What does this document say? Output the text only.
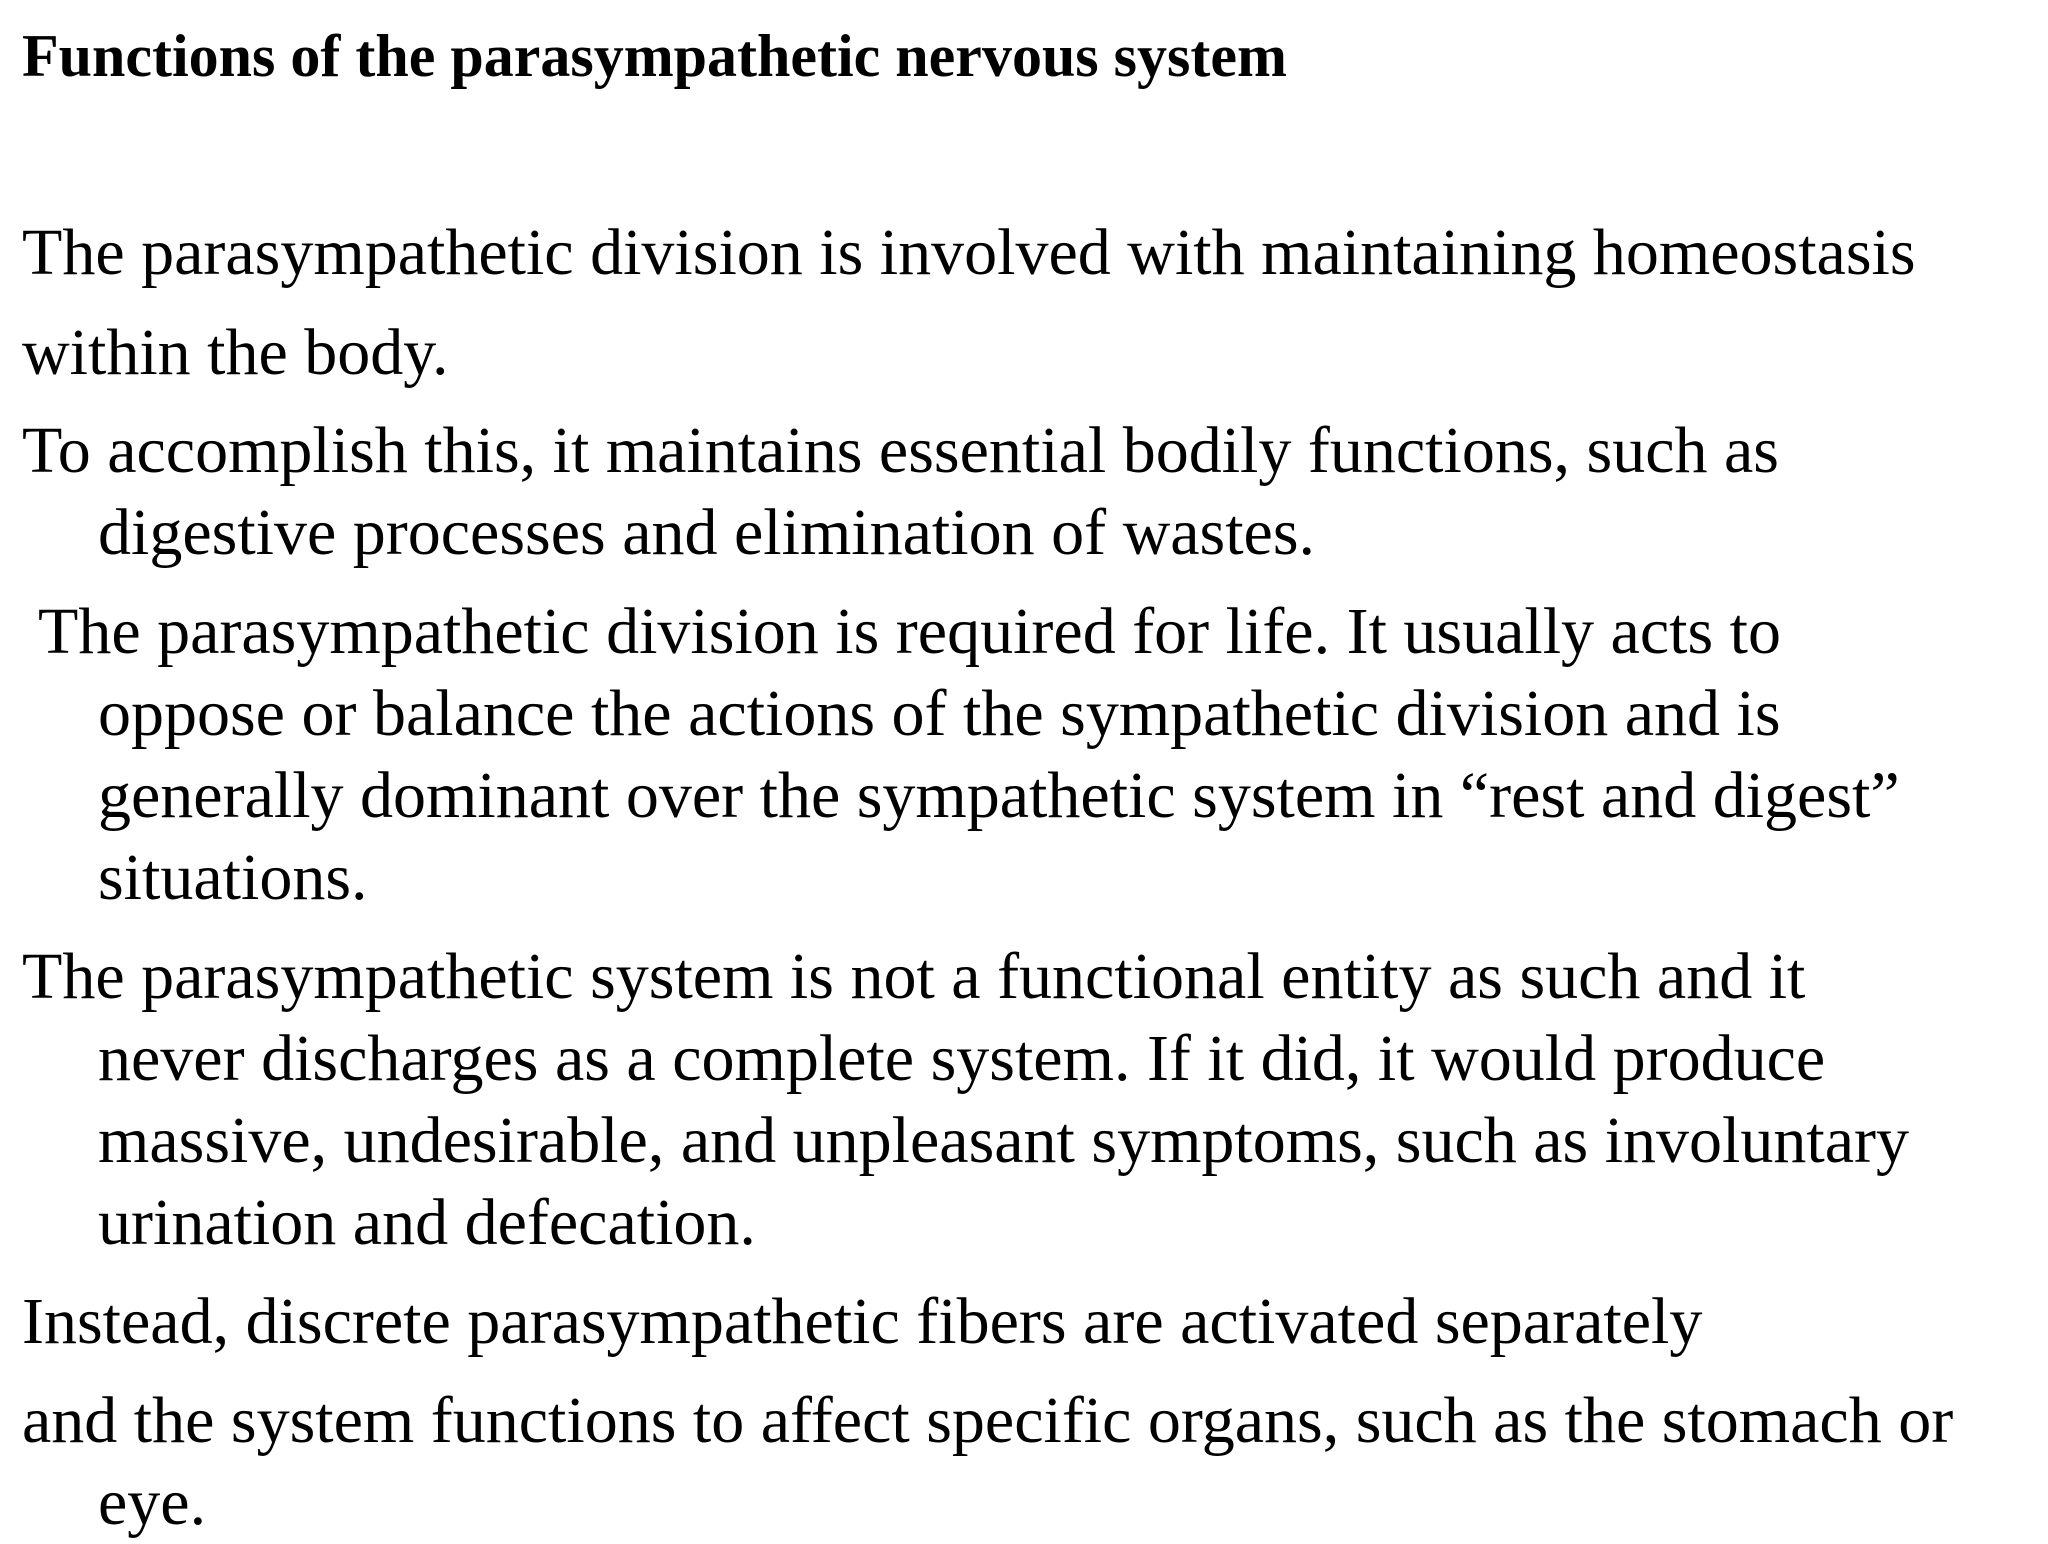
Functions of the parasympathetic nervous system

The parasympathetic division is involved with maintaining homeostasis

within the body.

To accomplish this, it maintains essential bodily functions, such as

digestive processes and elimination of wastes.

The parasympathetic division is required for life. It usually acts to

oppose or balance the actions of the sympathetic division and is

generally dominant over the sympathetic system in “rest and digest”

situations.

The parasympathetic system is not a functional entity as such and it

never discharges as a complete system. If it did, it would produce

massive, undesirable, and unpleasant symptoms, such as involuntary

urination and defecation.

Instead, discrete parasympathetic fibers are activated separately

and the system functions to affect specific organs, such as the stomach or

eye.
